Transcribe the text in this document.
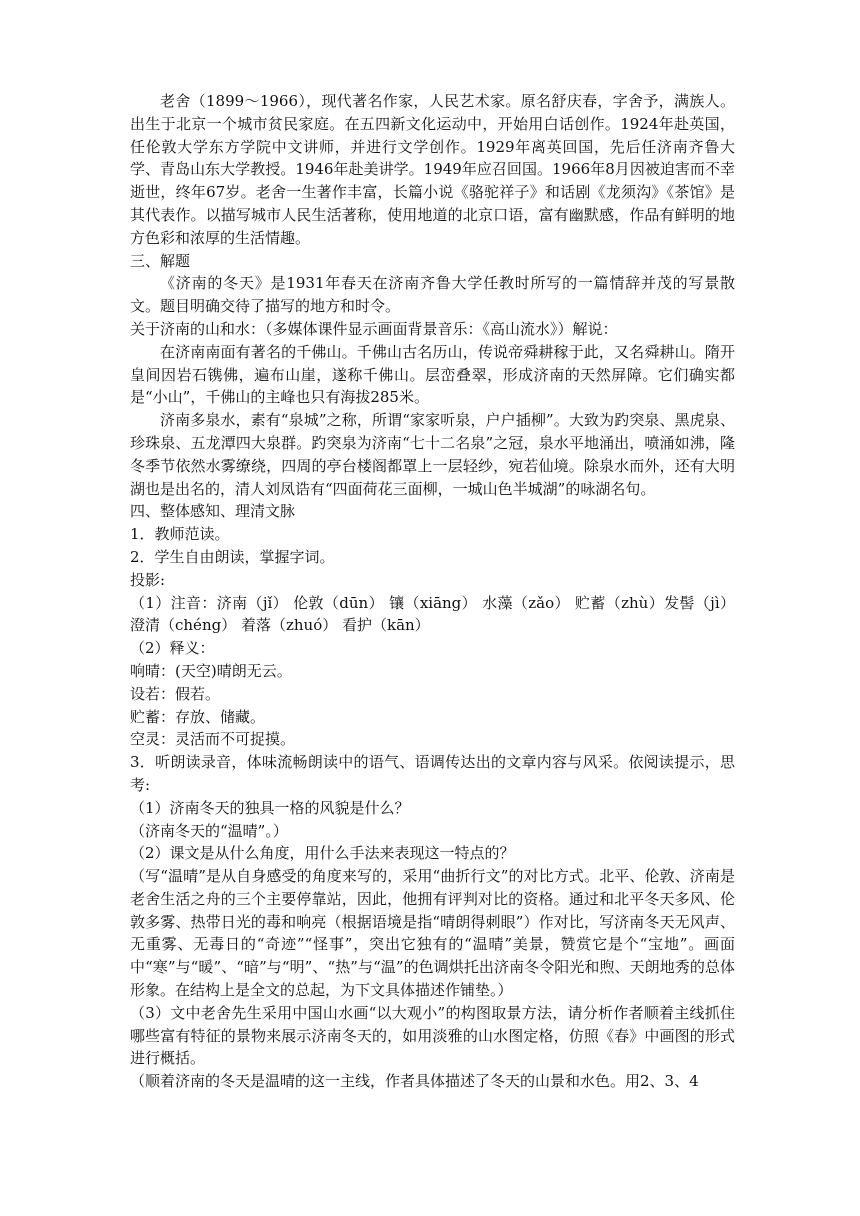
老舍（1899～1966），现代著名作家，人民艺术家。原名舒庆春，字舍予，满族人。出生于北京一个城市贫民家庭。在五四新文化运动中，开始用白话创作。1924年赴英国，任伦敦大学东方学院中文讲师，并进行文学创作。1929年离英回国，先后任济南齐鲁大学、青岛山东大学教授。1946年赴美讲学。1949年应召回国。1966年8月因被迫害而不幸逝世，终年67岁。老舍一生著作丰富，长篇小说《骆驼祥子》和话剧《龙须沟》《茶馆》是其代表作。以描写城市人民生活著称，使用地道的北京口语，富有幽默感，作品有鲜明的地方色彩和浓厚的生活情趣。

三、解题

《济南的冬天》是1931年春天在济南齐鲁大学任教时所写的一篇情辞并茂的写景散文。题目明确交待了描写的地方和时令。

关于济南的山和水：（多媒体课件显示画面背景音乐：《高山流水》）解说：

在济南南面有著名的千佛山。千佛山古名历山，传说帝舜耕稼于此，又名舜耕山。隋开皇间因岩石镌佛，遍布山崖，遂称千佛山。层峦叠翠，形成济南的天然屏障。它们确实都是“小山”，千佛山的主峰也只有海拔285米。

济南多泉水，素有“泉城”之称，所谓“家家听泉，户户插柳”。大致为趵突泉、黑虎泉、珍珠泉、五龙潭四大泉群。趵突泉为济南“七十二名泉”之冠，泉水平地涌出，喷涌如沸，隆冬季节依然水雾缭绕，四周的亭台楼阁都罩上一层轻纱，宛若仙境。除泉水而外，还有大明湖也是出名的，清人刘凤诰有“四面荷花三面柳，一城山色半城湖”的咏湖名句。

四、整体感知、理清文脉

1．教师范读。

2．学生自由朗读，掌握字词。

投影:

（1）注音：济南（jǐ） 伦敦（dūn） 镶（xiāng） 水藻（zǎo） 贮蓄（zhù）发髻（jì） 澄清（chéng） 着落（zhuó） 看护（kān）

（2）释义：

响晴：(天空)晴朗无云。

设若：假若。

贮蓄：存放、储藏。

空灵：灵活而不可捉摸。

3．听朗读录音，体味流畅朗读中的语气、语调传达出的文章内容与风采。依阅读提示，思考:

（1）济南冬天的独具一格的风貌是什么？

（济南冬天的“温晴”。）

（2）课文是从什么角度，用什么手法来表现这一特点的？

（写“温晴”是从自身感受的角度来写的，采用“曲折行文”的对比方式。北平、伦敦、济南是老舍生活之舟的三个主要停靠站，因此，他拥有评判对比的资格。通过和北平冬天多风、伦敦多雾、热带日光的毒和响亮（根据语境是指“晴朗得刺眼”）作对比，写济南冬天无风声、无重雾、无毒日的“奇迹”“怪事”，突出它独有的“温晴”美景，赞赏它是个“宝地”。画面中“寒”与“暖”、“暗”与“明”、“热”与“温”的色调烘托出济南冬令阳光和煦、天朗地秀的总体形象。在结构上是全文的总起，为下文具体描述作铺垫。）

（3）文中老舍先生采用中国山水画“以大观小”的构图取景方法，请分析作者顺着主线抓住哪些富有特征的景物来展示济南冬天的，如用淡雅的山水图定格，仿照《春》中画图的形式进行概括。

（顺着济南的冬天是温晴的这一主线，作者具体描述了冬天的山景和水色。用2、3、4
